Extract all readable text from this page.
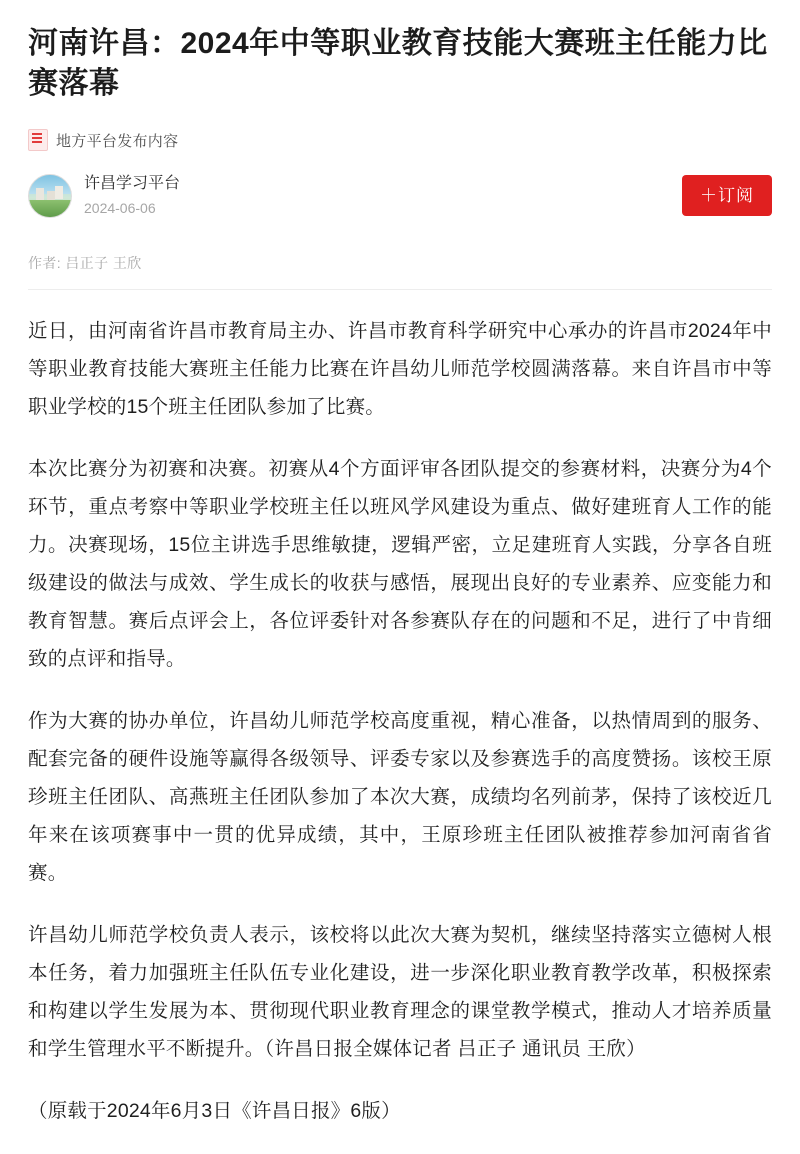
河南许昌：2024年中等职业教育技能大赛班主任能力比赛落幕
地方平台发布内容
许昌学习平台
2024-06-06
＋订阅
作者: 吕正子 王欣

近日，由河南省许昌市教育局主办、许昌市教育科学研究中心承办的许昌市2024年中等职业教育技能大赛班主任能力比赛在许昌幼儿师范学校圆满落幕。来自许昌市中等职业学校的15个班主任团队参加了比赛。

本次比赛分为初赛和决赛。初赛从4个方面评审各团队提交的参赛材料，决赛分为4个环节，重点考察中等职业学校班主任以班风学风建设为重点、做好建班育人工作的能力。决赛现场，15位主讲选手思维敏捷，逻辑严密，立足建班育人实践，分享各自班级建设的做法与成效、学生成长的收获与感悟，展现出良好的专业素养、应变能力和教育智慧。赛后点评会上，各位评委针对各参赛队存在的问题和不足，进行了中肯细致的点评和指导。

作为大赛的协办单位，许昌幼儿师范学校高度重视，精心准备，以热情周到的服务、配套完备的硬件设施等赢得各级领导、评委专家以及参赛选手的高度赞扬。该校王原珍班主任团队、高燕班主任团队参加了本次大赛，成绩均名列前茅，保持了该校近几年来在该项赛事中一贯的优异成绩，其中，王原珍班主任团队被推荐参加河南省省赛。

许昌幼儿师范学校负责人表示，该校将以此次大赛为契机，继续坚持落实立德树人根本任务，着力加强班主任队伍专业化建设，进一步深化职业教育教学改革，积极探索和构建以学生发展为本、贯彻现代职业教育理念的课堂教学模式，推动人才培养质量和学生管理水平不断提升。（许昌日报全媒体记者 吕正子 通讯员 王欣）

（原载于2024年6月3日《许昌日报》6版）
